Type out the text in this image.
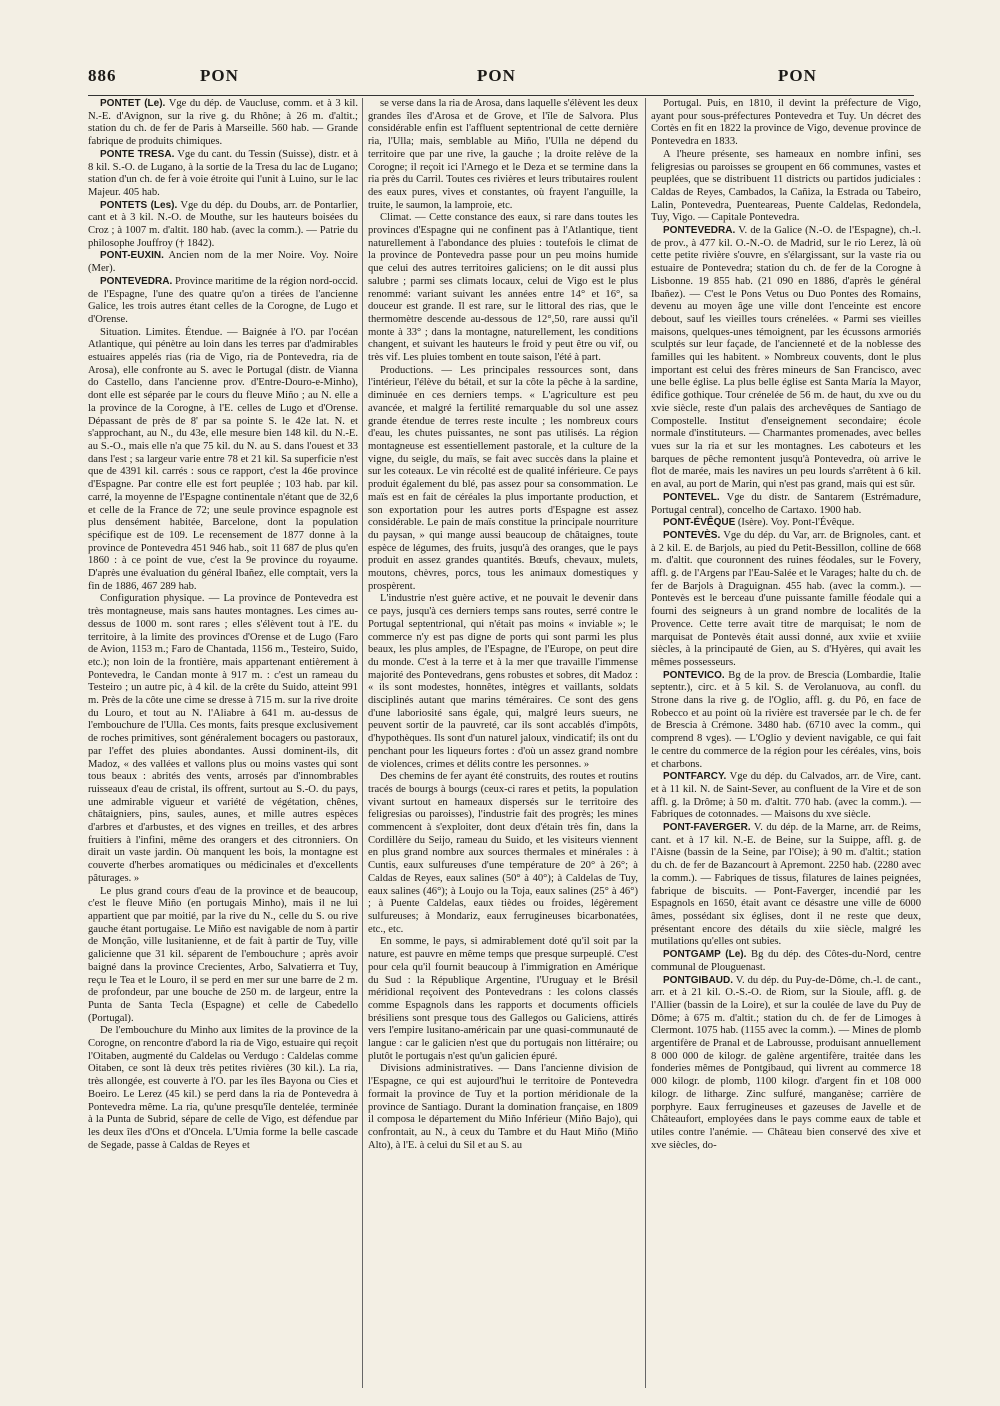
886	PON	PON	PON

PONTET (Le). Vge du dép. de Vaucluse, comm. et à 3 kil. N.-E. d'Avignon, sur la rive g. du Rhône; à 26 m. d'altit.; station du ch. de fer de Paris à Marseille. 560 hab. — Grande fabrique de produits chimiques.

PONTE TRESA. Vge du cant. du Tessin (Suisse), distr. et à 8 kil. S.-O. de Lugano, à la sortie de la Tresa du lac de Lugano; station d'un ch. de fer à voie étroite qui l'unit à Luino, sur le lac Majeur. 405 hab.

PONTETS (Les). Vge du dép. du Doubs, arr. de Pontarlier, cant et à 3 kil. N.-O. de Mouthe, sur les hauteurs boisées du Croz ; à 1007 m. d'altit. 180 hab. (avec la comm.). — Patrie du philosophe Jouffroy († 1842).

PONT-EUXIN. Ancien nom de la mer Noire. Voy. Noire (Mer).

PONTEVEDRA. Province maritime de la région nord-occid. de l'Espagne, l'une des quatre qu'on a tirées de l'ancienne Galice, les trois autres étant celles de la Corogne, de Lugo et d'Orense.

Situation. Limites. Étendue. — Baignée à l'O. par l'océan Atlantique, qui pénètre au loin dans les terres par d'admirables estuaires appelés rias (ria de Vigo, ria de Pontevedra, ria de Arosa), elle confronte au S. avec le Portugal (distr. de Vianna do Castello, dans l'ancienne prov. d'Entre-Douro-e-Minho), dont elle est séparée par le cours du fleuve Miño ; au N. elle a la province de la Corogne, à l'E. celles de Lugo et d'Orense. Dépassant de près de 8' par sa pointe S. le 42e lat. N. et s'approchant, au N., du 43e, elle mesure bien 148 kil. du N.-E. au S.-O., mais elle n'a que 75 kil. du N. au S. dans l'ouest et 33 dans l'est ; sa largeur varie entre 78 et 21 kil. Sa superficie n'est que de 4391 kil. carrés : sous ce rapport, c'est la 46e province d'Espagne. Par contre elle est fort peuplée ; 103 hab. par kil. carré, la moyenne de l'Espagne continentale n'étant que de 32,6 et celle de la France de 72; une seule province espagnole est plus densément habitée, Barcelone, dont la population spécifique est de 109. Le recensement de 1877 donne à la province de Pontevedra 451 946 hab., soit 11 687 de plus qu'en 1860 : à ce point de vue, c'est la 9e province du royaume. D'après une évaluation du général Ibañez, elle comptait, vers la fin de 1886, 467 289 hab.

Configuration physique. — La province de Pontevedra est très montagneuse, mais sans hautes montagnes. Les cimes au-dessus de 1000 m. sont rares ; elles s'élèvent tout à l'E. du territoire, à la limite des provinces d'Orense et de Lugo (Faro de Avion, 1153 m.; Faro de Chantada, 1156 m., Testeiro, Suido, etc.); non loin de la frontière, mais appartenant entièrement à Pontevedra, le Candan monte à 917 m. : c'est un rameau du Testeiro ; un autre pic, à 4 kil. de la crête du Suido, atteint 991 m. Près de la côte une cime se dresse à 715 m. sur la rive droite du Louro, et tout au N. l'Aliabre à 641 m. au-dessus de l'embouchure de l'Ulla. Ces monts, faits presque exclusivement de roches primitives, sont généralement bocagers ou pastoraux, par l'effet des pluies abondantes. Aussi dominent-ils, dit Madoz, « des vallées et vallons plus ou moins vastes qui sont tous beaux : abrités des vents, arrosés par d'innombrables ruisseaux d'eau de cristal, ils offrent, surtout au S.-O. du pays, une admirable vigueur et variété de végétation, chênes, châtaigniers, pins, saules, aunes, et mille autres espèces d'arbres et d'arbustes, et des vignes en treilles, et des arbres fruitiers à l'infini, même des orangers et des citronniers. On dirait un vaste jardin. Où manquent les bois, la montagne est couverte d'herbes aromatiques ou médicinales et d'excellents pâturages. »

Le plus grand cours d'eau de la province et de beaucoup, c'est le fleuve Miño (en portugais Minho), mais il ne lui appartient que par moitié, par la rive du N., celle du S. ou rive gauche étant portugaise. Le Miño est navigable de nom à partir de Monção, ville lusitanienne, et de fait à partir de Tuy, ville galicienne que 31 kil. séparent de l'embouchure ; après avoir baigné dans la province Crecientes, Arbo, Salvatierra et Tuy, reçu le Tea et le Louro, il se perd en mer sur une barre de 2 m. de profondeur, par une bouche de 250 m. de largeur, entre la Punta de Santa Tecla (Espagne) et celle de Cabedello (Portugal).

De l'embouchure du Minho aux limites de la province de la Corogne, on rencontre d'abord la ria de Vigo, estuaire qui reçoit l'Oitaben, augmenté du Caldelas ou Verdugo : Caldelas comme Oitaben, ce sont là deux très petites rivières (30 kil.). La ria, très allongée, est couverte à l'O. par les îles Bayona ou Cies et Boeiro. Le Lerez (45 kil.) se perd dans la ria de Pontevedra à Pontevedra même. La ria, qu'une presqu'île dentelée, terminée à la Punta de Subrid, sépare de celle de Vigo, est défendue par les deux îles d'Ons et d'Oncela. L'Umia forme la belle cascade de Segade, passe à Caldas de Reyes et

se verse dans la ria de Arosa, dans laquelle s'élèvent les deux grandes îles d'Arosa et de Grove, et l'île de Salvora. Plus considérable enfin est l'affluent septentrional de cette dernière ria, l'Ulla; mais, semblable au Miño, l'Ulla ne dépend du territoire que par une rive, la gauche ; la droite relève de la Corogne; il reçoit ici l'Arnego et le Deza et se termine dans la ria près du Carril. Toutes ces rivières et leurs tributaires roulent des eaux pures, vives et constantes, où frayent l'anguille, la truite, le saumon, la lamproie, etc.

Climat. — Cette constance des eaux, si rare dans toutes les provinces d'Espagne qui ne confinent pas à l'Atlantique, tient naturellement à l'abondance des pluies : toutefois le climat de la province de Pontevedra passe pour un peu moins humide que celui des autres territoires galiciens; on le dit aussi plus salubre ; parmi ses climats locaux, celui de Vigo est le plus renommé: variant suivant les années entre 14° et 16°, sa douceur est grande. Il est rare, sur le littoral des rias, que le thermomètre descende au-dessous de 12°,50, rare aussi qu'il monte à 33° ; dans la montagne, naturellement, les conditions changent, et suivant les hauteurs le froid y peut être ou vif, ou très vif. Les pluies tombent en toute saison, l'été à part.

Productions. — Les principales ressources sont, dans l'intérieur, l'élève du bétail, et sur la côte la pêche à la sardine, diminuée en ces derniers temps. « L'agriculture est peu avancée, et malgré la fertilité remarquable du sol une assez grande étendue de terres reste inculte ; les nombreux cours d'eau, les chutes puissantes, ne sont pas utilisés. La région montagneuse est essentiellement pastorale, et la culture de la vigne, du seigle, du maïs, se fait avec succès dans la plaine et sur les coteaux. Le vin récolté est de qualité inférieure. Ce pays produit également du blé, pas assez pour sa consommation. Le maïs est en fait de céréales la plus importante production, et son exportation pour les autres ports d'Espagne est assez considérable. Le pain de maïs constitue la principale nourriture du paysan, » qui mange aussi beaucoup de châtaignes, toute espèce de légumes, des fruits, jusqu'à des oranges, que le pays produit en assez grandes quantités. Bœufs, chevaux, mulets, moutons, chèvres, porcs, tous les animaux domestiques y prospèrent.

L'industrie n'est guère active, et ne pouvait le devenir dans ce pays, jusqu'à ces derniers temps sans routes, serré contre le Portugal septentrional, qui n'était pas moins « inviable »; le commerce n'y est pas digne de ports qui sont parmi les plus beaux, les plus amples, de l'Espagne, de l'Europe, on peut dire du monde. C'est à la terre et à la mer que travaille l'immense majorité des Pontevedrans, gens robustes et sobres, dit Madoz : « ils sont modestes, honnêtes, intègres et vaillants, soldats disciplinés autant que marins téméraires. Ce sont des gens d'une laboriosité sans égale, qui, malgré leurs sueurs, ne peuvent sortir de la pauvreté, car ils sont accablés d'impôts, d'hypothèques. Ils sont d'un naturel jaloux, vindicatif; ils ont du penchant pour les liqueurs fortes : d'où un assez grand nombre de violences, crimes et délits contre les personnes. »

Des chemins de fer ayant été construits, des routes et routins tracés de bourgs à bourgs (ceux-ci rares et petits, la population vivant surtout en hameaux dispersés sur le territoire des feligresias ou paroisses), l'industrie fait des progrès; les mines commencent à s'exploiter, dont deux d'étain très fin, dans la Cordillère du Seijo, rameau du Suido, et les visiteurs viennent en plus grand nombre aux sources thermales et minérales : à Cuntis, eaux sulfureuses d'une température de 20° à 26°; à Caldas de Reyes, eaux salines (50° à 40°); à Caldelas de Tuy, eaux salines (46°); à Loujo ou la Toja, eaux salines (25° à 46°) ; à Puente Caldelas, eaux tièdes ou froides, légèrement sulfureuses; à Mondariz, eaux ferrugineuses bicarbonatées, etc., etc.

En somme, le pays, si admirablement doté qu'il soit par la nature, est pauvre en même temps que presque surpeuplé. C'est pour cela qu'il fournit beaucoup à l'immigration en Amérique du Sud : la République Argentine, l'Uruguay et le Brésil méridional reçoivent des Pontevedrans : les colons classés comme Espagnols dans les rapports et documents officiels brésiliens sont presque tous des Gallegos ou Galiciens, attirés vers l'empire lusitano-américain par une quasi-communauté de langue : car le galicien n'est que du portugais non littéraire; ou plutôt le portugais n'est qu'un galicien épuré.

Divisions administratives. — Dans l'ancienne division de l'Espagne, ce qui est aujourd'hui le territoire de Pontevedra formait la province de Tuy et la portion méridionale de la province de Santiago. Durant la domination française, en 1809 il composa le département du Miño Inférieur (Miño Bajo), qui confrontait, au N., à ceux du Tambre et du Haut Miño (Miño Alto), à l'E. à celui du Sil et au S. au

Portugal. Puis, en 1810, il devint la préfecture de Vigo, ayant pour sous-préfectures Pontevedra et Tuy. Un décret des Cortès en fit en 1822 la province de Vigo, devenue province de Pontevedra en 1833.

A l'heure présente, ses hameaux en nombre infini, ses feligresias ou paroisses se groupent en 66 communes, vastes et peuplées, que se distribuent 11 districts ou partidos judiciales : Caldas de Reyes, Cambados, la Cañiza, la Estrada ou Tabeiro, Lalin, Pontevedra, Puenteareas, Puente Caldelas, Redondela, Tuy, Vigo. — Capitale Pontevedra.

PONTEVEDRA. V. de la Galice (N.-O. de l'Espagne), ch.-l. de prov., à 477 kil. O.-N.-O. de Madrid, sur le rio Lerez, là où cette petite rivière s'ouvre, en s'élargissant, sur la vaste ria ou estuaire de Pontevedra; station du ch. de fer de la Corogne à Lisbonne. 19 855 hab. (21 090 en 1886, d'après le général Ibañez). — C'est le Pons Vetus ou Duo Pontes des Romains, devenu au moyen âge une ville dont l'enceinte est encore debout, sauf les vieilles tours crénelées. « Parmi ses vieilles maisons, quelques-unes témoignent, par les écussons armoriés sculptés sur leur façade, de l'ancienneté et de la noblesse des familles qui les habitent. » Nombreux couvents, dont le plus important est celui des frères mineurs de San Francisco, avec une belle église. La plus belle église est Santa María la Mayor, édifice gothique. Tour crénelée de 56 m. de haut, du xve ou du xvie siècle, reste d'un palais des archevêques de Santiago de Compostelle. Institut d'enseignement secondaire; école normale d'instituteurs. — Charmantes promenades, avec belles vues sur la ria et sur les montagnes. Les caboteurs et les barques de pêche remontent jusqu'à Pontevedra, où arrive le flot de marée, mais les navires un peu lourds s'arrêtent à 6 kil. en aval, au port de Marin, qui n'est pas grand, mais qui est sûr.

PONTEVEL. Vge du distr. de Santarem (Estrémadure, Portugal central), concelho de Cartaxo. 1900 hab.

PONT-ÉVÊQUE (Isère). Voy. Pont-l'Évêque.

PONTEVÈS. Vge du dép. du Var, arr. de Brignoles, cant. et à 2 kil. E. de Barjols, au pied du Petit-Bessillon, colline de 668 m. d'altit. que couronnent des ruines féodales, sur le Fovery, affl. g. de l'Argens par l'Eau-Salée et le Varages; halte du ch. de fer de Barjols à Draguignan. 455 hab. (avec la comm.). — Pontevès est le berceau d'une puissante famille féodale qui a fourni des seigneurs à un grand nombre de localités de la Provence. Cette terre avait titre de marquisat; le nom de marquisat de Pontevès était aussi donné, aux xviie et xviiie siècles, à la principauté de Gien, au S. d'Hyères, qui avait les mêmes possesseurs.

PONTEVICO. Bg de la prov. de Brescia (Lombardie, Italie septentr.), circ. et à 5 kil. S. de Verolanuova, au confl. du Strone dans la rive g. de l'Oglio, affl. g. du Pô, en face de Robecco et au point où la rivière est traversée par le ch. de fer de Brescia à Crémone. 3480 hab. (6710 avec la comm., qui comprend 8 vges). — L'Oglio y devient navigable, ce qui fait le centre du commerce de la région pour les céréales, vins, bois et charbons.

PONTFARCY. Vge du dép. du Calvados, arr. de Vire, cant. et à 11 kil. N. de Saint-Sever, au confluent de la Vire et de son affl. g. la Drôme; à 50 m. d'altit. 770 hab. (avec la comm.). — Fabriques de cotonnades. — Maisons du xve siècle.

PONT-FAVERGER. V. du dép. de la Marne, arr. de Reims, cant. et à 17 kil. N.-E. de Beine, sur la Suippe, affl. g. de l'Aisne (bassin de la Seine, par l'Oise); à 90 m. d'altit.; station du ch. de fer de Bazancourt à Apremont. 2250 hab. (2280 avec la comm.). — Fabriques de tissus, filatures de laines peignées, fabrique de biscuits. — Pont-Faverger, incendié par les Espagnols en 1650, était avant ce désastre une ville de 6000 âmes, possédant six églises, dont il ne reste que deux, présentant encore des détails du xiie siècle, malgré les mutilations qu'elles ont subies.

PONTGAMP (Le). Bg du dép. des Côtes-du-Nord, centre communal de Plouguenast.

PONTGIBAUD. V. du dép. du Puy-de-Dôme, ch.-l. de cant., arr. et à 21 kil. O.-S.-O. de Riom, sur la Sioule, affl. g. de l'Allier (bassin de la Loire), et sur la coulée de lave du Puy de Dôme; à 675 m. d'altit.; station du ch. de fer de Limoges à Clermont. 1075 hab. (1155 avec la comm.). — Mines de plomb argentifère de Pranal et de Labrousse, produisant annuellement 8 000 000 de kilogr. de galène argentifère, traitée dans les fonderies mêmes de Pontgibaud, qui livrent au commerce 18 000 kilogr. de plomb, 1100 kilogr. d'argent fin et 108 000 kilogr. de litharge. Zinc sulfuré, manganèse; carrière de porphyre. Eaux ferrugineuses et gazeuses de Javelle et de Châteaufort, employées dans le pays comme eaux de table et utiles contre l'anémie. — Château bien conservé des xive et xve siècles, do-
